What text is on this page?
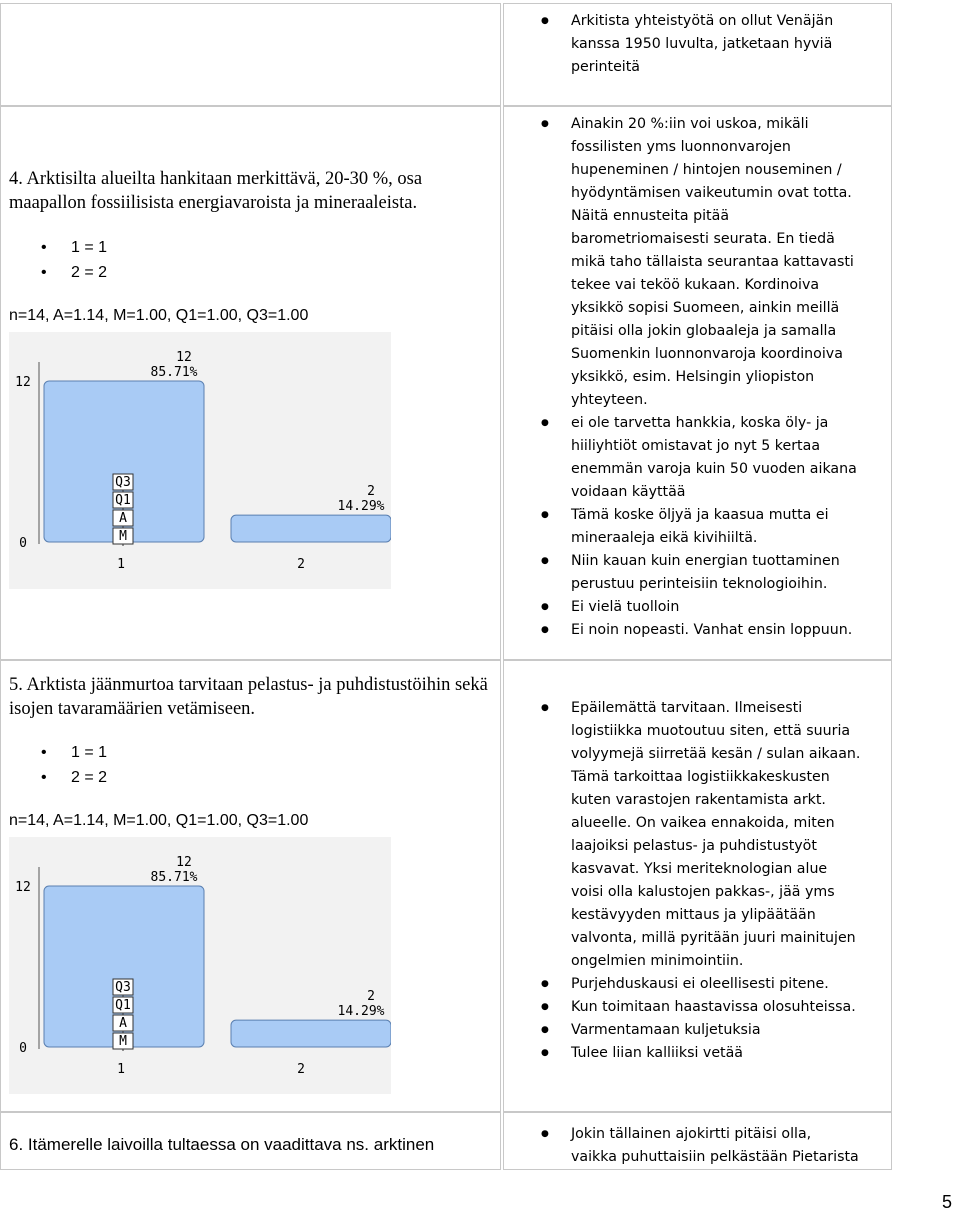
● Arkitista yhteistyötä on ollut Venäjän kanssa 1950 luvulta, jatketaan hyviä perinteitä
4. Arktisilta alueilta hankitaan merkittävä, 20-30 %, osa maapallon fossiilisista energiavaroista ja mineraaleista.
• 1 = 1
• 2 = 2
n=14, A=1.14, M=1.00, Q1=1.00, Q3=1.00
0
12
12
85.71%
1
2
14.29%
2
Q3
Q1
A
M
● Ainakin 20 %:iin voi uskoa, mikäli fossilisten yms luonnonvarojen hupeneminen / hintojen nouseminen / hyödyntämisen vaikeutumin ovat totta. Näitä ennusteita pitää barometriomaisesti seurata. En tiedä mikä taho tällaista seurantaa kattavasti tekee vai teköö kukaan. Kordinoiva yksikkö sopisi Suomeen, ainkin meillä pitäisi olla jokin globaaleja ja samalla Suomenkin luonnonvaroja koordinoiva yksikkö, esim. Helsingin yliopiston yhteyteen.
● ei ole tarvetta hankkia, koska öly- ja hiiliyhtiöt omistavat jo nyt 5 kertaa enemmän varoja kuin 50 vuoden aikana voidaan käyttää
● Tämä koske öljyä ja kaasua mutta ei mineraaleja eikä kivihiiltä.
● Niin kauan kuin energian tuottaminen perustuu perinteisiin teknologioihin.
● Ei vielä tuolloin
● Ei noin nopeasti. Vanhat ensin loppuun.
5. Arktista jäänmurtoa tarvitaan pelastus- ja puhdistustöihin sekä isojen tavaramäärien vetämiseen.
• 1 = 1
• 2 = 2
n=14, A=1.14, M=1.00, Q1=1.00, Q3=1.00
0
12
12
85.71%
1
2
14.29%
2
Q3
Q1
A
M
● Epäilemättä tarvitaan. Ilmeisesti logistiikka muotoutuu siten, että suuria volyymejä siirretää kesän / sulan aikaan. Tämä tarkoittaa logistiikkakeskusten kuten varastojen rakentamista arkt. alueelle. On vaikea ennakoida, miten laajoiksi pelastus- ja puhdistustyöt kasvavat. Yksi meriteknologian alue voisi olla kalustojen pakkas-, jää yms kestävyyden mittaus ja ylipäätään valvonta, millä pyritään juuri mainitujen ongelmien minimointiin.
● Purjehduskausi ei oleellisesti pitene.
● Kun toimitaan haastavissa olosuhteissa.
● Varmentamaan kuljetuksia
● Tulee liian kalliiksi vetää
6. Itämerelle laivoilla tultaessa on vaadittava ns. arktinen
● Jokin tällainen ajokirtti pitäisi olla, vaikka puhuttaisiin pelkästään Pietarista
5
